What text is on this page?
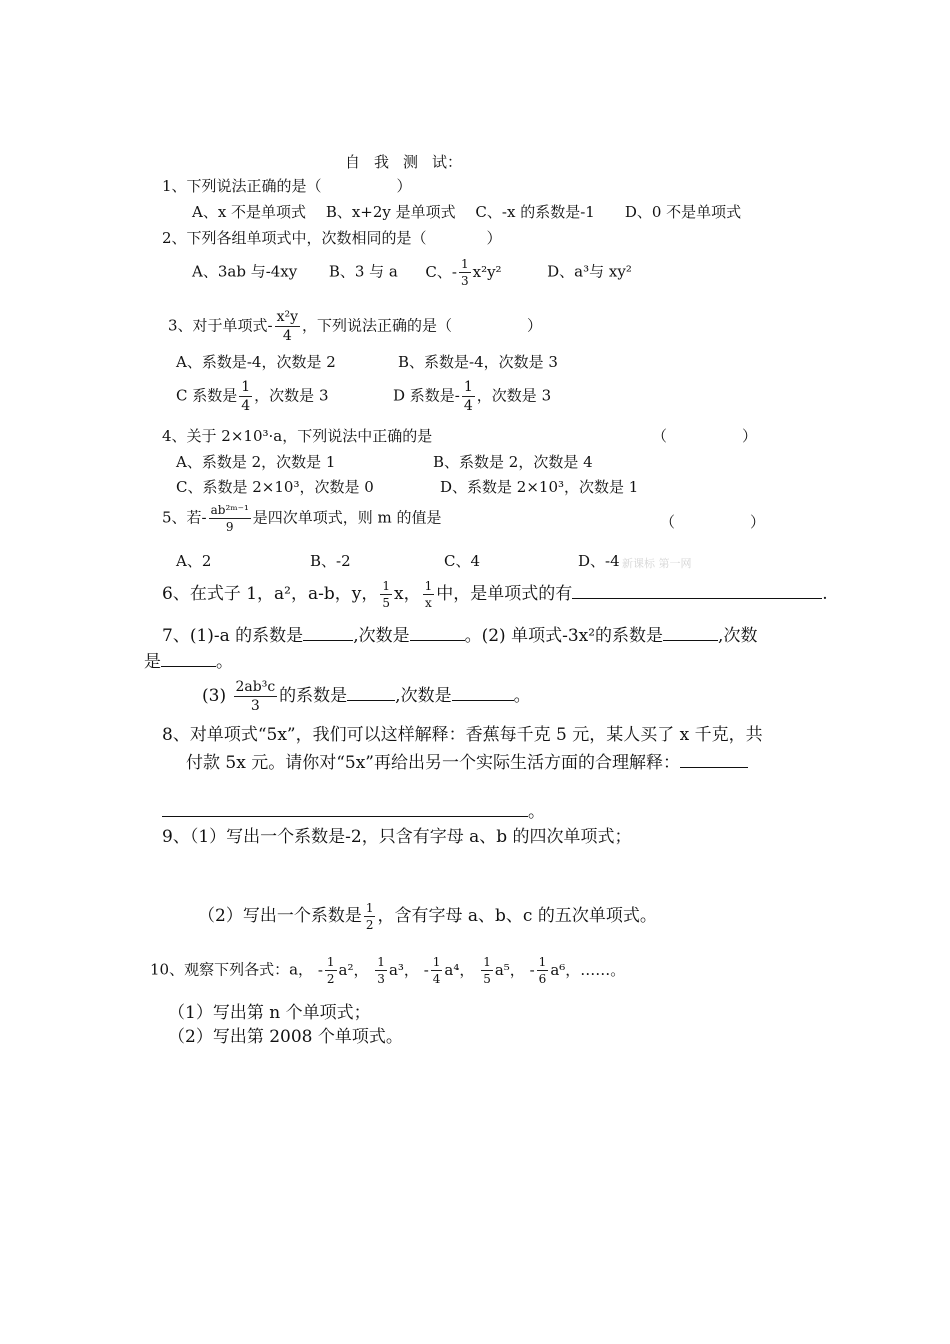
自 我 测 试：
1、下列说法正确的是（　　　　　）
A、x 不是单项式　 B、x+2y 是单项式　 C、-x 的系数是-1　　D、0 不是单项式
2、下列各组单项式中，次数相同的是（　　　　）
A、3ab 与-4xy B、3 与 a C、- $\frac{1}{3} x^2y^2$	D、a³与 xy²
3、对于单项式- $\frac{\text{x²y}}{4}$ ，下列说法正确的是（　　　　　）
A、系数是-4，次数是 2	B、系数是-4，次数是 3
C 系数是 $\frac{1}{4}$ ，次数是 3	D 系数是- $\frac{1}{4}$ ，次数是 3
4、关于 2×10³·a，下列说法中正确的是	（　　　　　）
A、系数是 2，次数是 1	B、系数是 2，次数是 4
C、系数是 2×10³，次数是 0	D、系数是 2×10³，次数是 1
5、若- $\frac{\text{ab²ᵐ⁻¹}}{9}$ 是四次单项式，则 m 的值是	（　　　　　）
A、2	B、-2	C、4	D、-4 新课标 第一网
6、在式子 1，a²，a-b，y， $\frac{1}{5}$ x， $\frac{1}{x}$ 中，是单项式的有	.
7、(1)-a 的系数是	,次数是	。(2) 单项式-3x²的系数是	,次数
是	。
$(3) \frac{\text{2ab³c}}{3}$ 的系数是	,次数是	。
8、对单项式“5x”，我们可以这样解释：香蕉每千克 5 元，某人买了 x 千克，共
付款 5x 元。请你对“5x”再给出另一个实际生活方面的合理解释：
。
9、（1）写出一个系数是-2，只含有字母 a、b 的四次单项式；
（2）写出一个系数是 $\frac{1}{2}$ ，含有字母 a、b、c 的五次单项式。
10、观察下列各式：a， - $\frac{1}{2} a^2$， $\frac{1}{3} a^3$， - $\frac{1}{4} a^4$， $\frac{1}{5} a^5$， - $\frac{1}{6} a^6$，……。
（1）写出第 n 个单项式；
（2）写出第 2008 个单项式。
